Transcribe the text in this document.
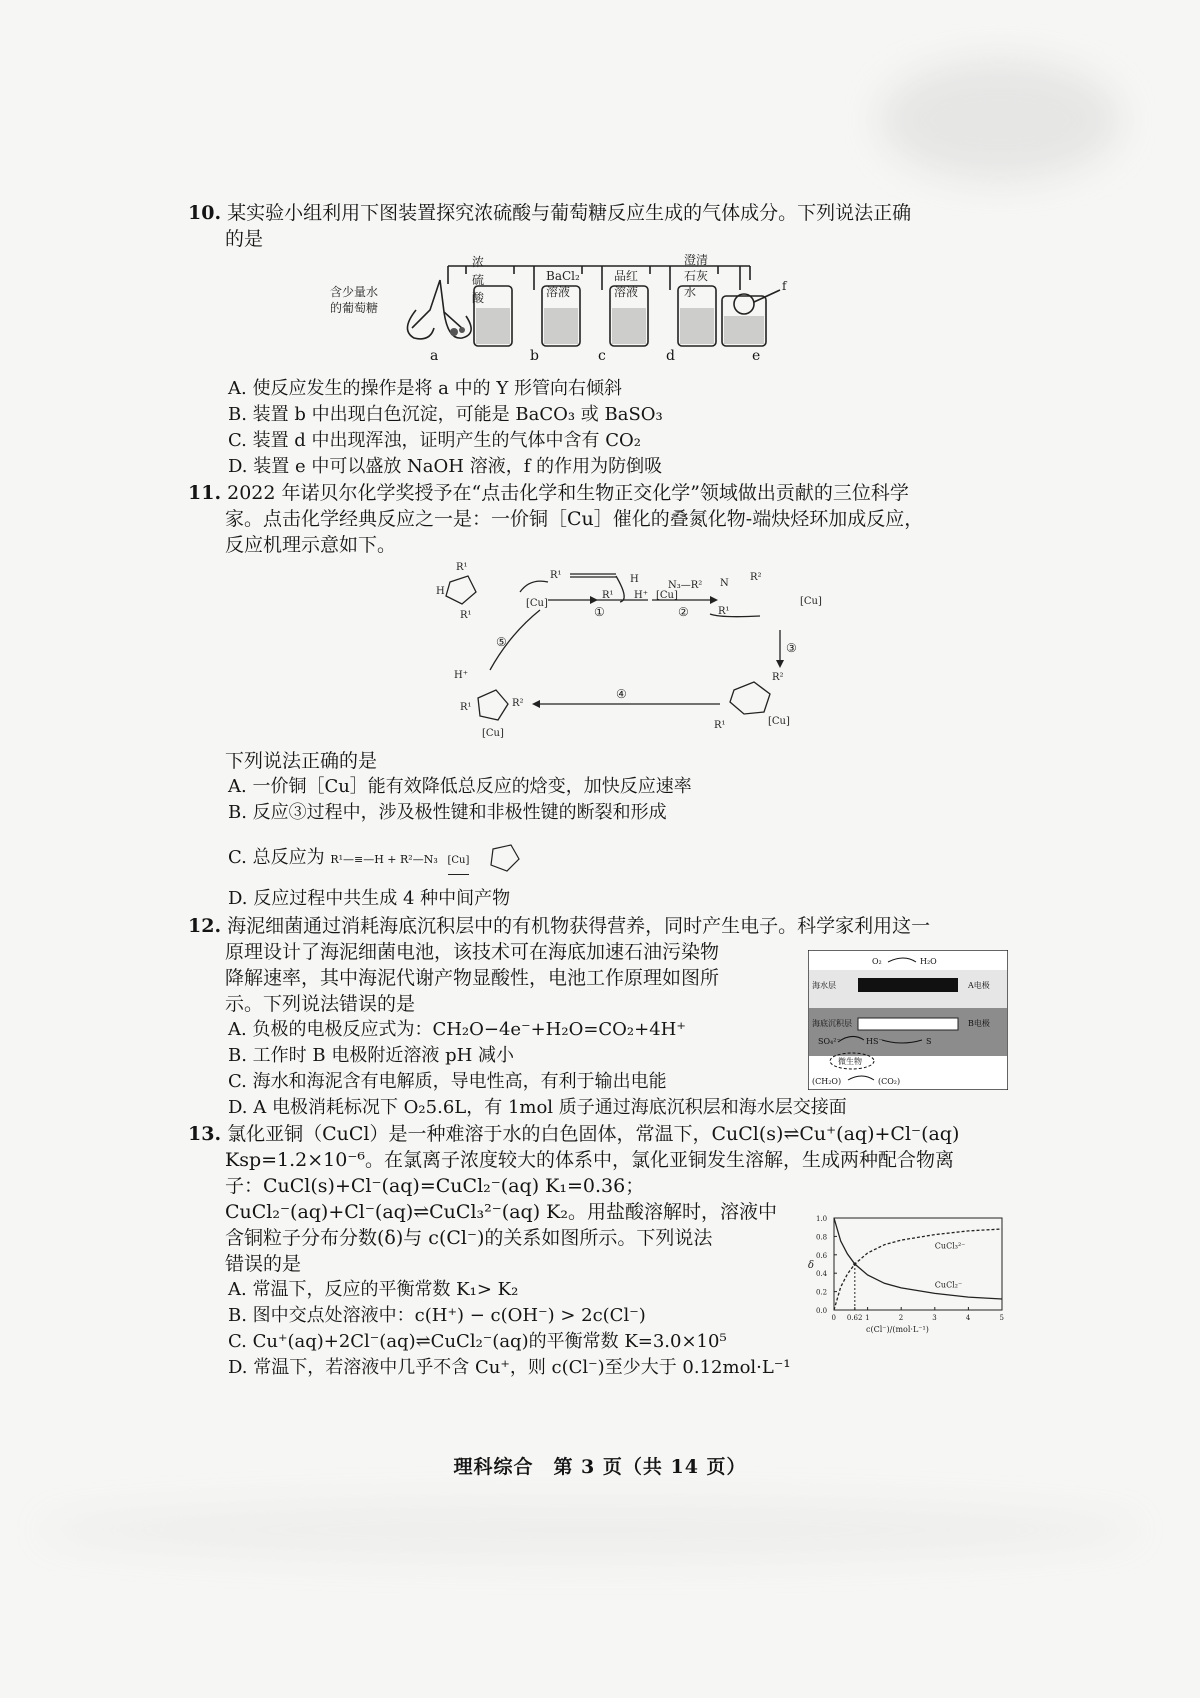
10. 某实验小组利用下图装置探究浓硫酸与葡萄糖反应生成的气体成分。下列说法正确
的是
含少量水
的葡萄糖
浓
硫
酸
BaCl₂
溶液
品红
溶液
澄清
石灰
水	f
a	b	c	d	e
A. 使反应发生的操作是将 a 中的 Y 形管向右倾斜
B. 装置 b 中出现白色沉淀，可能是 BaCO₃ 或 BaSO₃
C. 装置 d 中出现浑浊，证明产生的气体中含有 CO₂
D. 装置 e 中可以盛放 NaOH 溶液，f 的作用为防倒吸
11. 2022 年诺贝尔化学奖授予在“点击化学和生物正交化学”领域做出贡献的三位科学
家。点击化学经典反应之一是：一价铜［Cu］催化的叠氮化物-端炔烃环加成反应，
反应机理示意如下。
R¹
H
R¹
R¹	H
H⁺
[Cu]
R¹	[Cu]
N₃—R² N
R²
R¹
[Cu]
H⁺
R²
R¹
[Cu]
R²
R¹	[Cu]
①	②
③
④
⑤
下列说法正确的是
A. 一价铜［Cu］能有效降低总反应的焓变，加快反应速率
B. 反应③过程中，涉及极性键和非极性键的断裂和形成
C. 总反应为 R¹—≡—H + R²—N₃ [Cu]
D. 反应过程中共生成 4 种中间产物
12. 海泥细菌通过消耗海底沉积层中的有机物获得营养，同时产生电子。科学家利用这一
原理设计了海泥细菌电池，该技术可在海底加速石油污染物
降解速率，其中海泥代谢产物显酸性，电池工作原理如图所
示。下列说法错误的是
O₂	H₂O
海水层	A电极
海底沉积层	B电极
SO₄²⁻	HS⁻	S
微生物
(CH₂O)	(CO₂)
A. 负极的电极反应式为：CH₂O−4e⁻+H₂O=CO₂+4H⁺
B. 工作时 B 电极附近溶液 pH 减小
C. 海水和海泥含有电解质，导电性高，有利于输出电能
D. A 电极消耗标况下 O₂5.6L，有 1mol 质子通过海底沉积层和海水层交接面
13. 氯化亚铜（CuCl）是一种难溶于水的白色固体，常温下，CuCl(s)⇌Cu⁺(aq)+Cl⁻(aq)
Ksp=1.2×10⁻⁶。在氯离子浓度较大的体系中，氯化亚铜发生溶解，生成两种配合物离
子：CuCl(s)+Cl⁻(aq)=CuCl₂⁻(aq) K₁=0.36；
CuCl₂⁻(aq)+Cl⁻(aq)⇌CuCl₃²⁻(aq) K₂。用盐酸溶解时，溶液中
含铜粒子分布分数(δ)与 c(Cl⁻)的关系如图所示。下列说法
错误的是
0 0.62 1	2	3	4	5
0.0
0.2
0.4
0.6
0.8
1.0
c(Cl⁻)/(mol·L⁻¹)
δ
CuCl₃²⁻
CuCl₂⁻
A. 常温下，反应的平衡常数 K₁> K₂
B. 图中交点处溶液中：c(H⁺) − c(OH⁻) > 2c(Cl⁻)
C. Cu⁺(aq)+2Cl⁻(aq)⇌CuCl₂⁻(aq)的平衡常数 K=3.0×10⁵
D. 常温下，若溶液中几乎不含 Cu⁺，则 c(Cl⁻)至少大于 0.12mol·L⁻¹
理科综合　第 3 页（共 14 页）
